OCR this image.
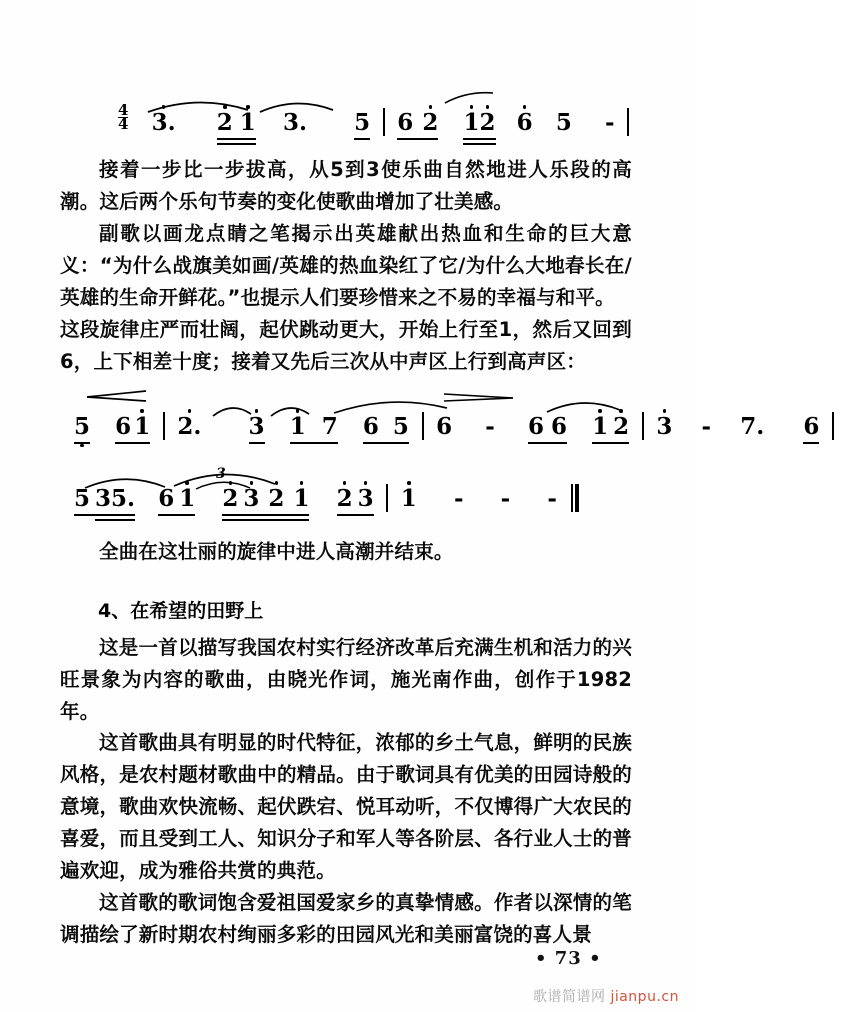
$\frac{4}{4} 3$. 2 1 3. 5 6 2 12 6 5 -
接着一步比一步拔高，从5到3使乐曲自然地进人乐段的高潮。这后两个乐句节奏的变化使歌曲增加了壮美感。
副歌以画龙点睛之笔揭示出英雄献出热血和生命的巨大意义：“为什么战旗美如画/英雄的热血染红了它/为什么大地春长在/英雄的生命开鲜花。”也提示人们要珍惜来之不易的幸福与和平。
这段旋律庄严而壮阔，起伏跳动更大，开始上行至1，然后又回到6，上下相差十度；接着又先后三次从中声区上行到高声区：
5 6 1 2. 3 1 7 6 5 6 - 6 6 1 2 3 - 7. 6

5 35. 6 1 2 3 2 1 2 3 1 - - -
3
全曲在这壮丽的旋律中进人高潮并结束。
4、在希望的田野上
这是一首以描写我国农村实行经济改革后充满生机和活力的兴旺景象为内容的歌曲，由晓光作词，施光南作曲，创作于1982年。
这首歌曲具有明显的时代特征，浓郁的乡土气息，鲜明的民族风格，是农村题材歌曲中的精品。由于歌词具有优美的田园诗般的意境，歌曲欢快流畅、起伏跌宕、悦耳动听，不仅博得广大农民的喜爱，而且受到工人、知识分子和军人等各阶层、各行业人士的普遍欢迎，成为雅俗共赏的典范。
这首歌的歌词饱含爱祖国爱家乡的真挚情感。作者以深情的笔调描绘了新时期农村绚丽多彩的田园风光和美丽富饶的喜人景
• 73 •
歌谱简谱网 jianpu.cn
